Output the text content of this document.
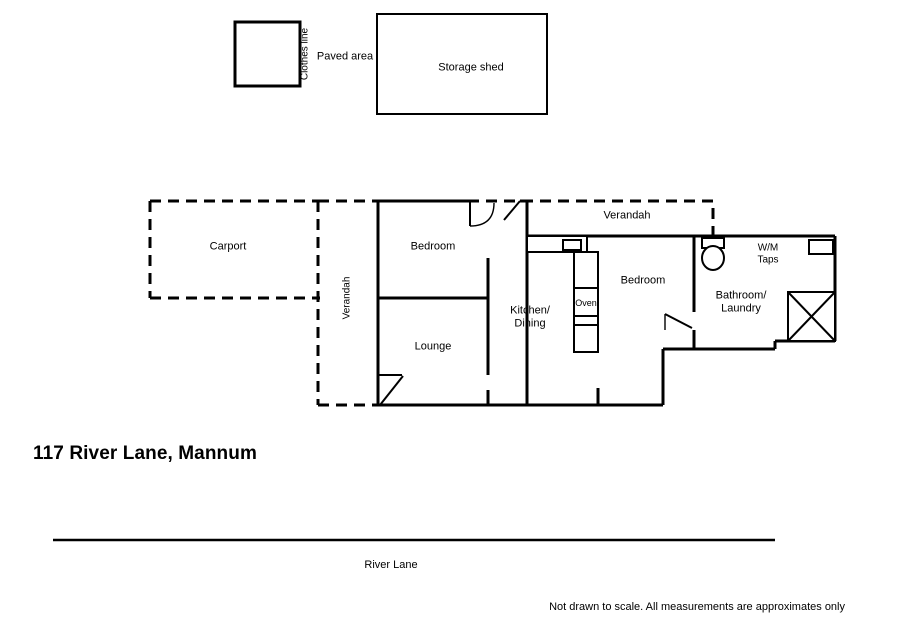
Clothes line Paved area
Storage shed
Carport
Verandah
Verandah
Bedroom
Lounge
Kitchen/
Dining
Oven
Bedroom
Bathroom/
Laundry
W/M
Taps
117 River Lane, Mannum
River Lane
Not drawn to scale. All measurements are approximates only
